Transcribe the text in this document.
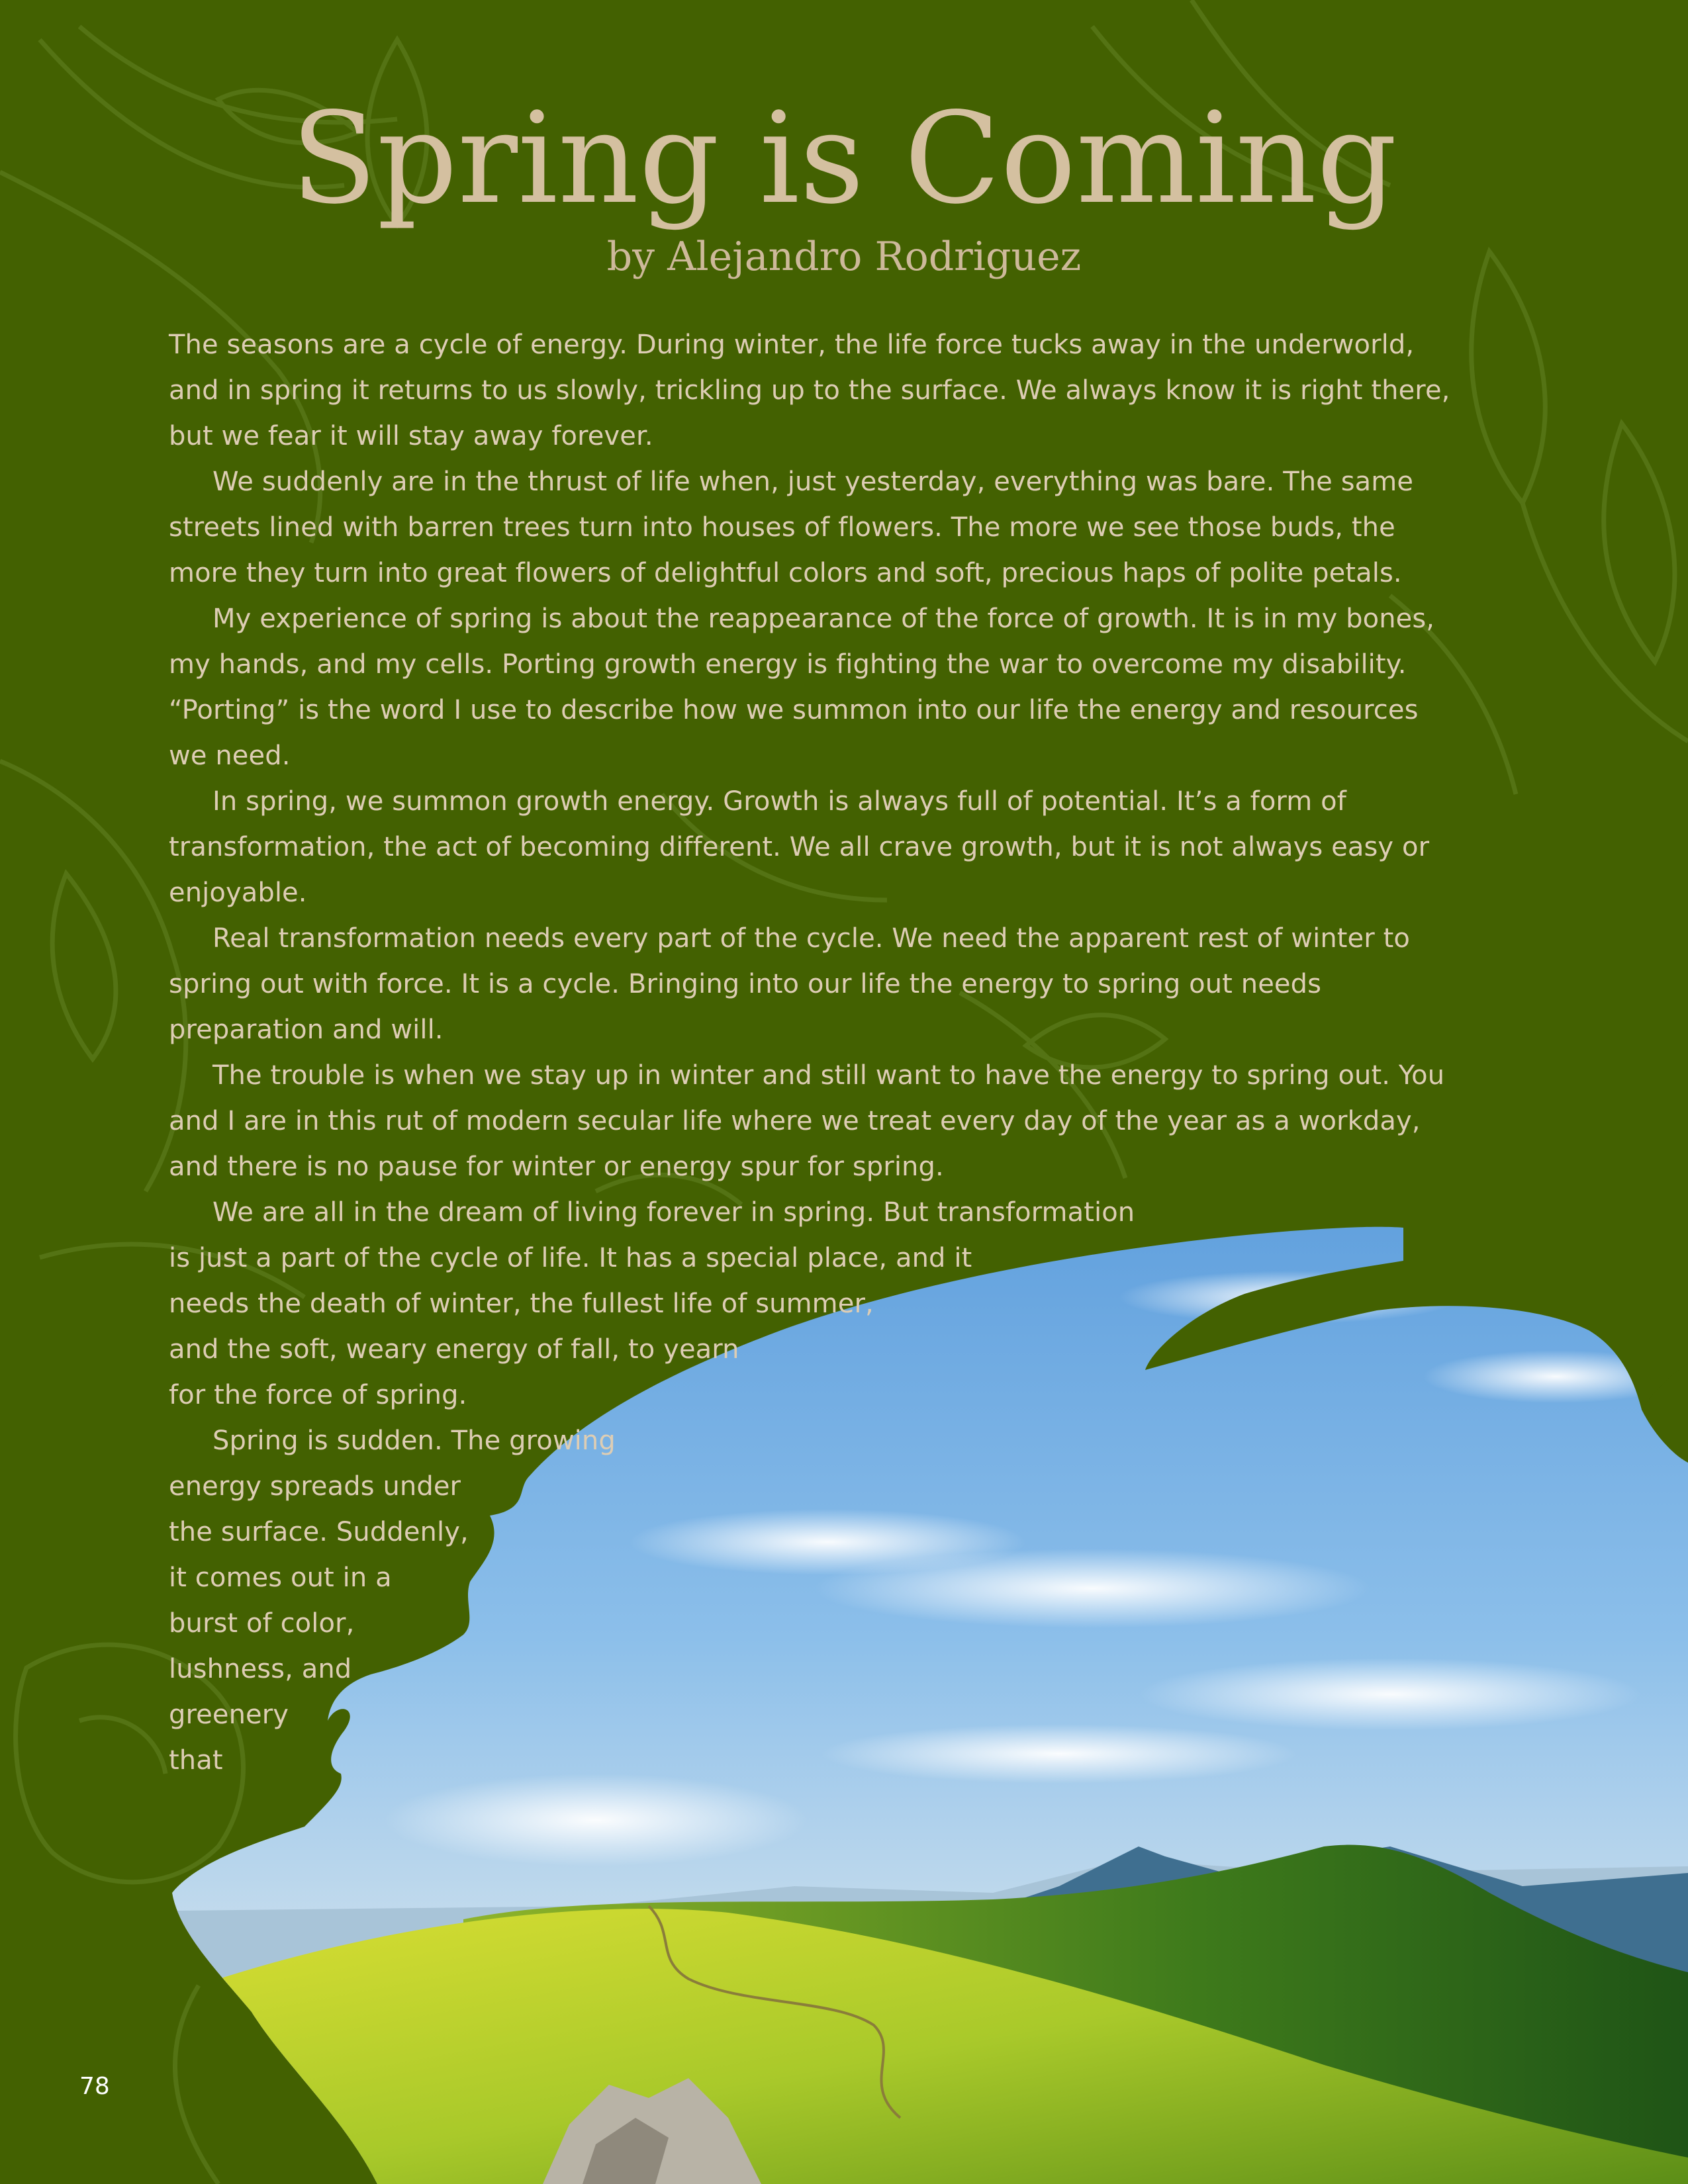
Spring is Coming

by Alejandro Rodriguez

The seasons are a cycle of energy. During winter, the life force tucks away in the underworld,
and in spring it returns to us slowly, trickling up to the surface. We always know it is right there,
but we fear it will stay away forever.
We suddenly are in the thrust of life when, just yesterday, everything was bare. The same
streets lined with barren trees turn into houses of flowers. The more we see those buds, the
more they turn into great flowers of delightful colors and soft, precious haps of polite petals.
My experience of spring is about the reappearance of the force of growth. It is in my bones,
my hands, and my cells. Porting growth energy is fighting the war to overcome my disability.
“Porting” is the word I use to describe how we summon into our life the energy and resources
we need.
In spring, we summon growth energy. Growth is always full of potential. It’s a form of
transformation, the act of becoming different. We all crave growth, but it is not always easy or
enjoyable.
Real transformation needs every part of the cycle. We need the apparent rest of winter to
spring out with force. It is a cycle. Bringing into our life the energy to spring out needs
preparation and will.
The trouble is when we stay up in winter and still want to have the energy to spring out. You
and I are in this rut of modern secular life where we treat every day of the year as a workday,
and there is no pause for winter or energy spur for spring.
We are all in the dream of living forever in spring. But transformation
is just a part of the cycle of life. It has a special place, and it
needs the death of winter, the fullest life of summer,
and the soft, weary energy of fall, to yearn
for the force of spring.
Spring is sudden. The growing
energy spreads under
the surface. Suddenly,
it comes out in a
burst of color,
lushness, and
greenery
that

78
